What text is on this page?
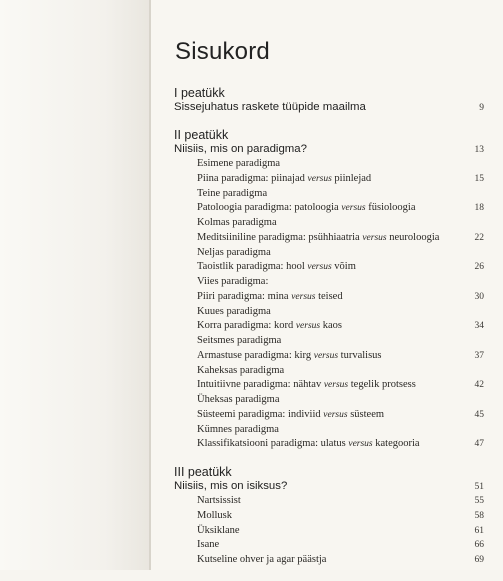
Sisukord
I peatükk
Sissejuhatus raskete tüüpide maailma	9
II peatükk
Niisiis, mis on paradigma?	13
Esimene paradigma
Piina paradigma: piinajad versus piinlejad	15
Teine paradigma
Patoloogia paradigma: patoloogia versus füsioloogia	18
Kolmas paradigma
Meditsiiniline paradigma: psühhiaatria versus neuroloogia	22
Neljas paradigma
Taoistlik paradigma: hool versus võim	26
Viies paradigma:
Piiri paradigma: mina versus teised	30
Kuues paradigma
Korra paradigma: kord versus kaos	34
Seitsmes paradigma
Armastuse paradigma: kirg versus turvalisus	37
Kaheksas paradigma
Intuitiivne paradigma: nähtav versus tegelik protsess	42
Üheksas paradigma
Süsteemi paradigma: indiviid versus süsteem	45
Kümnes paradigma
Klassifikatsiooni paradigma: ulatus versus kategooria	47
III peatükk
Niisiis, mis on isiksus?	51
Nartsissist	55
Mollusk	58
Üksiklane	61
Isane	66
Kutseline ohver ja agar päästja	69
